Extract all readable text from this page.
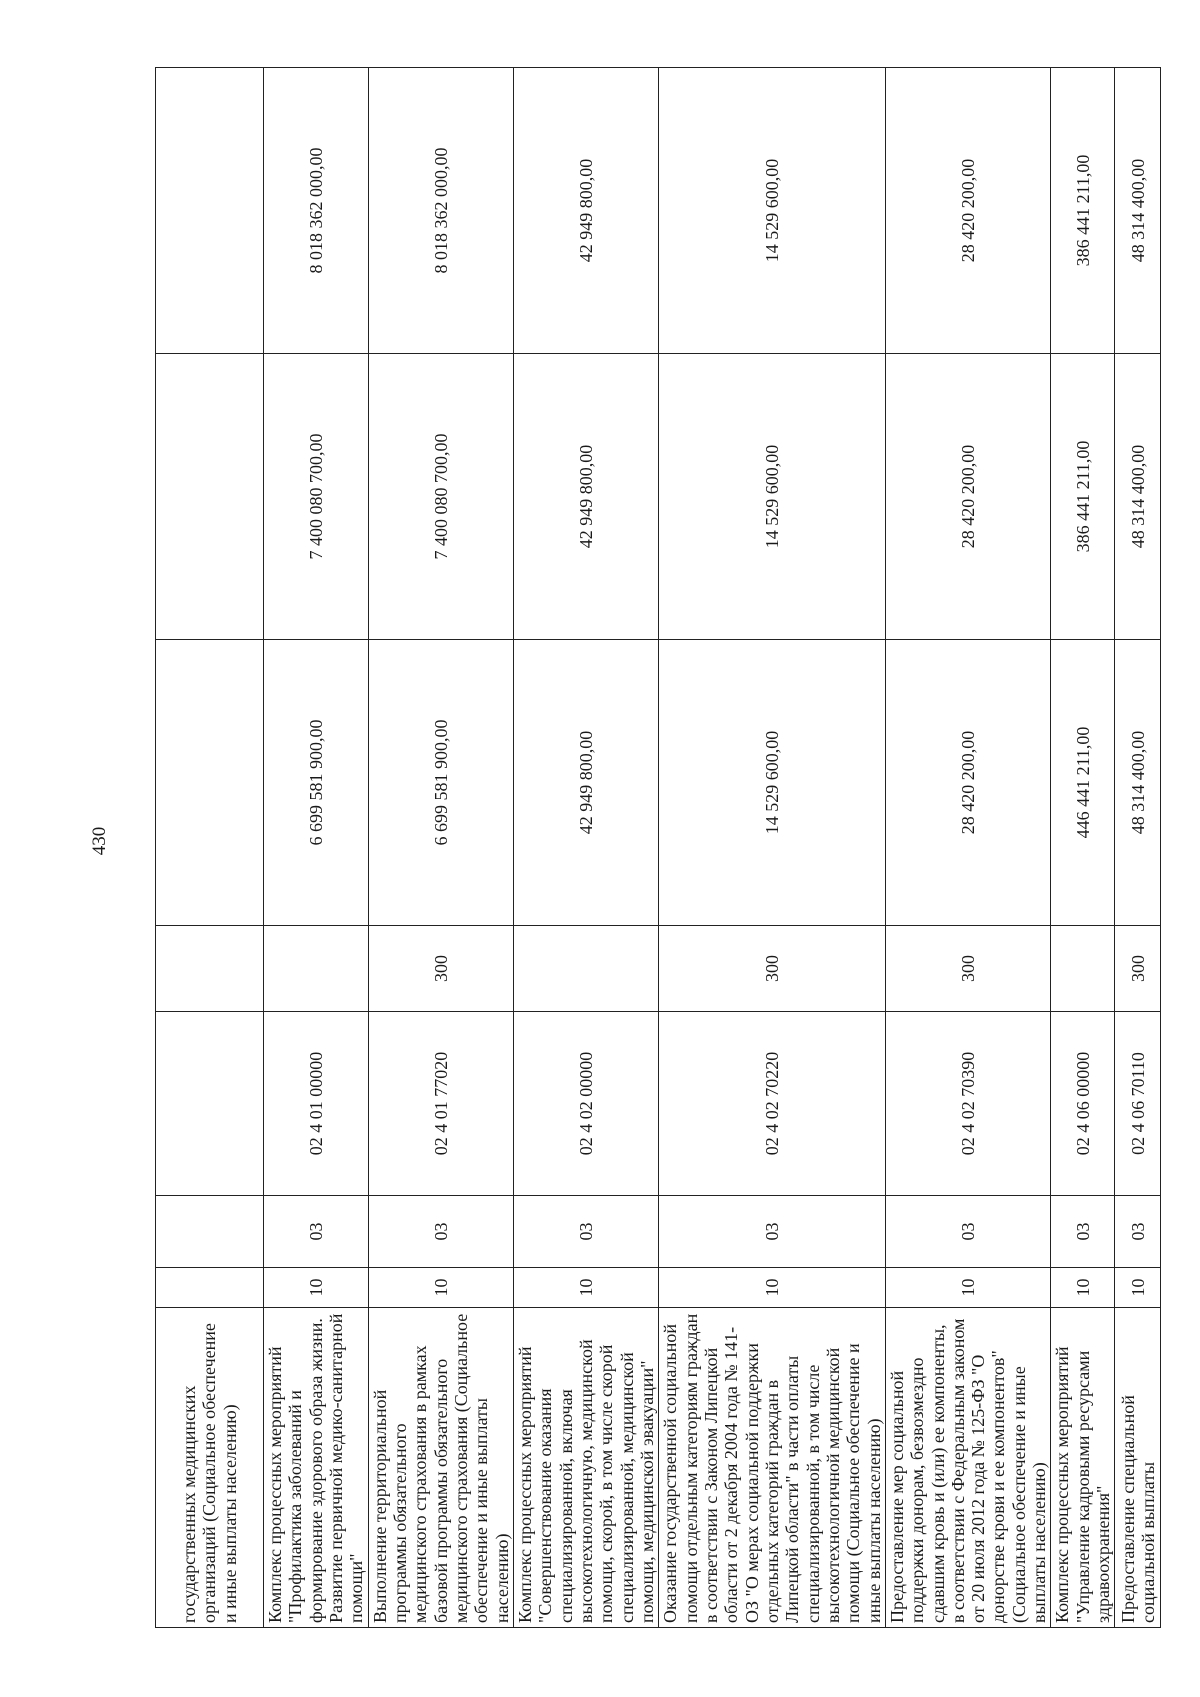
430
государственных медицинских организаций (Социальное обеспечение и иные выплаты населению)							
Комплекс процессных мероприятий "Профилактика заболеваний и формирование здорового образа жизни. Развитие первичной медико-санитарной помощи"	10	03	02 4 01 00000		6 699 581 900,00	7 400 080 700,00	8 018 362 000,00
Выполнение территориальной программы обязательного медицинского страхования в рамках базовой программы обязательного медицинского страхования (Социальное обеспечение и иные выплаты населению)	10	03	02 4 01 77020	300	6 699 581 900,00	7 400 080 700,00	8 018 362 000,00
Комплекс процессных мероприятий "Совершенствование оказания специализированной, включая высокотехнологичную, медицинской помощи, скорой, в том числе скорой специализированной, медицинской помощи, медицинской эвакуации"	10	03	02 4 02 00000		42 949 800,00	42 949 800,00	42 949 800,00
Оказание государственной социальной помощи отдельным категориям граждан в соответствии с Законом Липецкой области от 2 декабря 2004 года № 141-ОЗ "О мерах социальной поддержки отдельных категорий граждан в Липецкой области" в части оплаты специализированной, в том числе высокотехнологичной медицинской помощи (Социальное обеспечение и иные выплаты населению)	10	03	02 4 02 70220	300	14 529 600,00	14 529 600,00	14 529 600,00
Предоставление мер социальной поддержки донорам, безвозмездно сдавшим кровь и (или) ее компоненты, в соответствии с Федеральным законом от 20 июля 2012 года № 125-ФЗ "О донорстве крови и ее компонентов" (Социальное обеспечение и иные выплаты населению)	10	03	02 4 02 70390	300	28 420 200,00	28 420 200,00	28 420 200,00
Комплекс процессных мероприятий "Управление кадровыми ресурсами здравоохранения"	10	03	02 4 06 00000		446 441 211,00	386 441 211,00	386 441 211,00
Предоставление специальной социальной выплаты	10	03	02 4 06 70110	300	48 314 400,00	48 314 400,00	48 314 400,00
